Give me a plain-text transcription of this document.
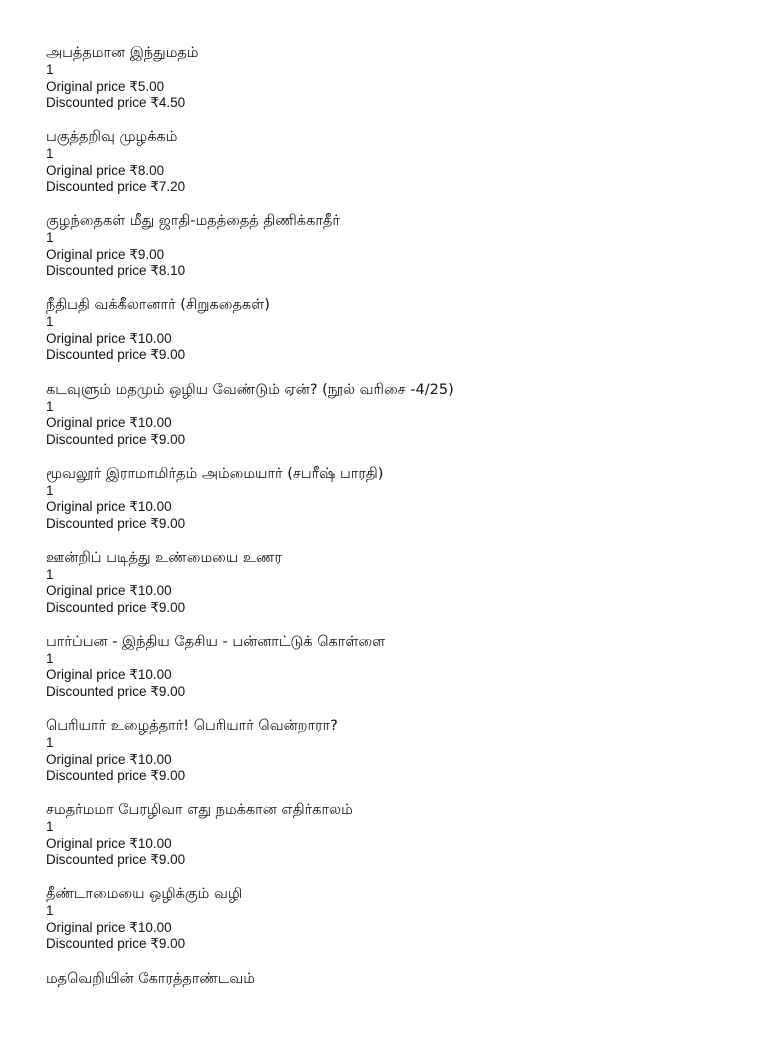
அபத்தமான இந்துமதம்
1
Original price ₹5.00
Discounted price ₹4.50
பகுத்தறிவு முழக்கம்
1
Original price ₹8.00
Discounted price ₹7.20
குழந்தைகள் மீது ஜாதி-மதத்தைத் திணிக்காதீர்
1
Original price ₹9.00
Discounted price ₹8.10
நீதிபதி வக்கீலானார் (சிறுகதைகள்)
1
Original price ₹10.00
Discounted price ₹9.00
கடவுளும் மதமும் ஒழிய வேண்டும் ஏன்? (நூல் வரிசை -4/25)
1
Original price ₹10.00
Discounted price ₹9.00
மூவலூர் இராமாமிர்தம் அம்மையார் (சபரீஷ் பாரதி)
1
Original price ₹10.00
Discounted price ₹9.00
ஊன்றிப் படித்து உண்மையை உணர
1
Original price ₹10.00
Discounted price ₹9.00
பார்ப்பன - இந்திய தேசிய - பன்னாட்டுக் கொள்ளை
1
Original price ₹10.00
Discounted price ₹9.00
பெரியார் உழைத்தார்! பெரியார் வென்றாரா?
1
Original price ₹10.00
Discounted price ₹9.00
சமதர்மமா பேரழிவா எது நமக்கான எதிர்காலம்
1
Original price ₹10.00
Discounted price ₹9.00
தீண்டாமையை ஒழிக்கும் வழி
1
Original price ₹10.00
Discounted price ₹9.00
மதவெறியின் கோரத்தாண்டவம்
